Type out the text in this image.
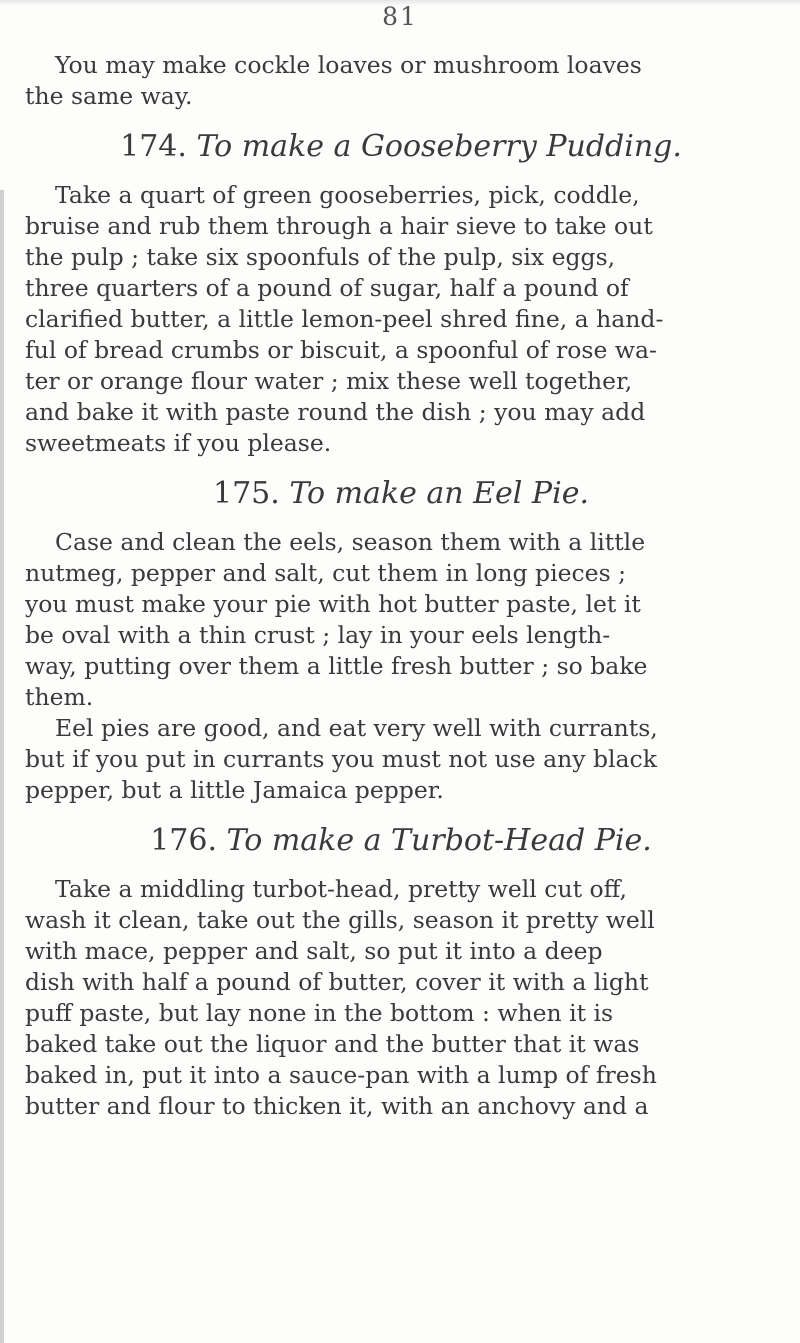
81

You may make cockle loaves or mushroom loaves
the same way.

174. To make a Gooseberry Pudding.

Take a quart of green gooseberries, pick, coddle,
bruise and rub them through a hair sieve to take out
the pulp ; take six spoonfuls of the pulp, six eggs,
three quarters of a pound of sugar, half a pound of
clarified butter, a little lemon-peel shred fine, a hand-
ful of bread crumbs or biscuit, a spoonful of rose wa-
ter or orange flour water ; mix these well together,
and bake it with paste round the dish ; you may add
sweetmeats if you please.

175. To make an Eel Pie.

Case and clean the eels, season them with a little
nutmeg, pepper and salt, cut them in long pieces ;
you must make your pie with hot butter paste, let it
be oval with a thin crust ; lay in your eels length-
way, putting over them a little fresh butter ; so bake
them.

Eel pies are good, and eat very well with currants,
but if you put in currants you must not use any black
pepper, but a little Jamaica pepper.

176. To make a Turbot-Head Pie.

Take a middling turbot-head, pretty well cut off,
wash it clean, take out the gills, season it pretty well
with mace, pepper and salt, so put it into a deep
dish with half a pound of butter, cover it with a light
puff paste, but lay none in the bottom : when it is
baked take out the liquor and the butter that it was
baked in, put it into a sauce-pan with a lump of fresh
butter and flour to thicken it, with an anchovy and a
